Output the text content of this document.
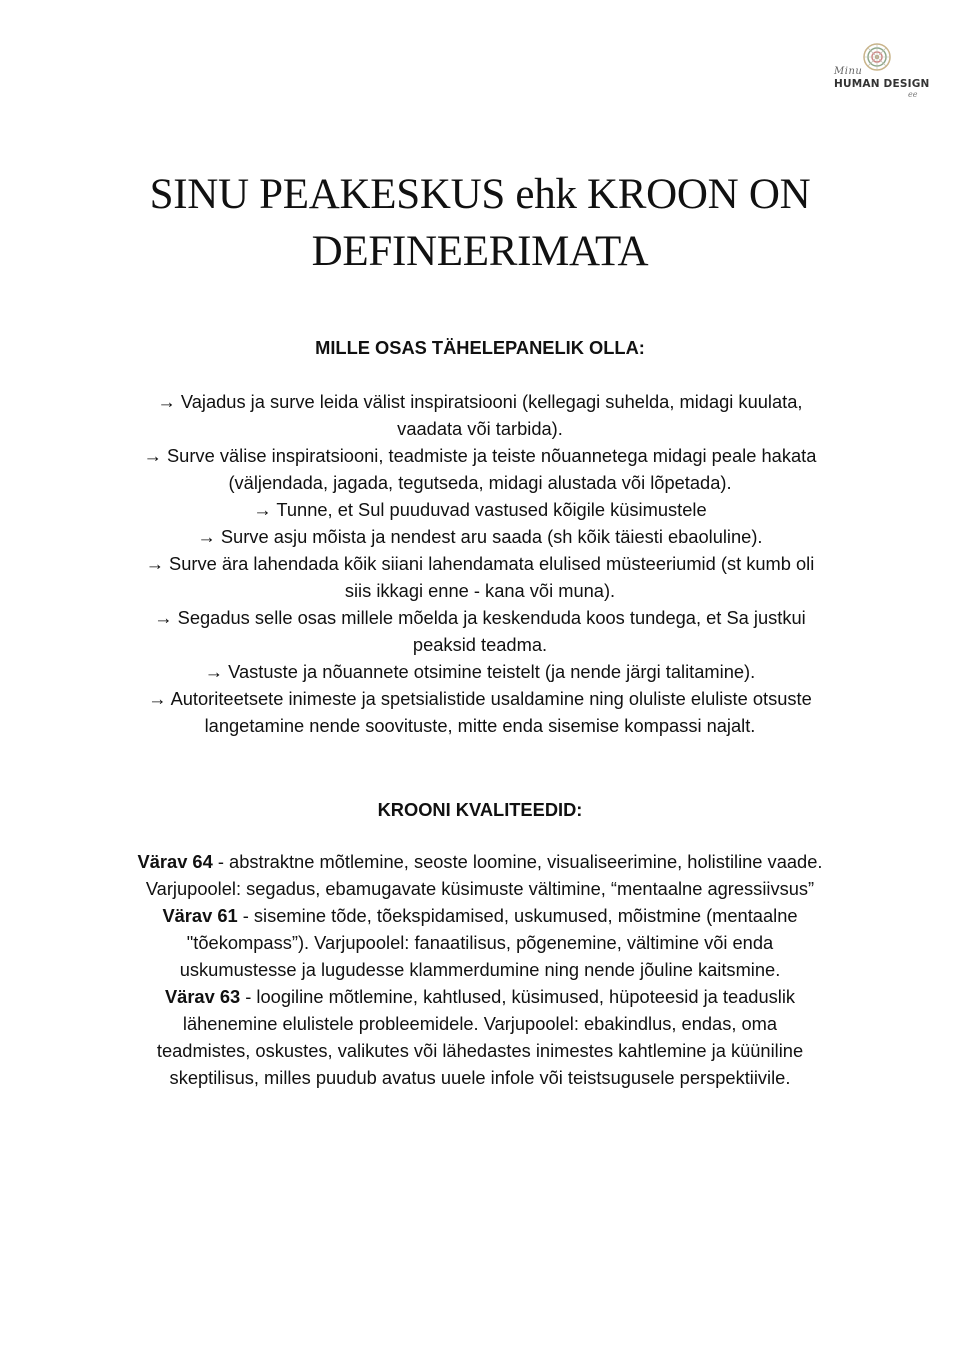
Minu
HUMAN DESIGN
ee
SINU PEAKESKUS ehk KROON ON
DEFINEERIMATA
MILLE OSAS TÄHELEPANELIK OLLA:
→ Vajadus ja surve leida välist inspiratsiooni (kellegagi suhelda, midagi kuulata,
vaadata või tarbida).
→ Surve välise inspiratsiooni, teadmiste ja teiste nõuannetega midagi peale hakata
(väljendada, jagada, tegutseda, midagi alustada või lõpetada).
→ Tunne, et Sul puuduvad vastused kõigile küsimustele
→ Surve asju mõista ja nendest aru saada (sh kõik täiesti ebaoluline).
→ Surve ära lahendada kõik siiani lahendamata elulised müsteeriumid (st kumb oli
siis ikkagi enne - kana või muna).
→ Segadus selle osas millele mõelda ja keskenduda koos tundega, et Sa justkui
peaksid teadma.
→ Vastuste ja nõuannete otsimine teistelt (ja nende järgi talitamine).
→ Autoriteetsete inimeste ja spetsialistide usaldamine ning oluliste eluliste otsuste
langetamine nende soovituste, mitte enda sisemise kompassi najalt.
KROONI KVALITEEDID:
Värav 64 - abstraktne mõtlemine, seoste loomine, visualiseerimine, holistiline vaade.
Varjupoolel: segadus, ebamugavate küsimuste vältimine, “mentaalne agressiivsus”
Värav 61 - sisemine tõde, tõekspidamised, uskumused, mõistmine (mentaalne
"tõekompass”). Varjupoolel: fanaatilisus, põgenemine, vältimine või enda
uskumustesse ja lugudesse klammerdumine ning nende jõuline kaitsmine.
Värav 63 - loogiline mõtlemine, kahtlused, küsimused, hüpoteesid ja teaduslik
lähenemine elulistele probleemidele. Varjupoolel: ebakindlus, endas, oma
teadmistes, oskustes, valikutes või lähedastes inimestes kahtlemine ja küüniline
skeptilisus, milles puudub avatus uuele infole või teistsugusele perspektiivile.
